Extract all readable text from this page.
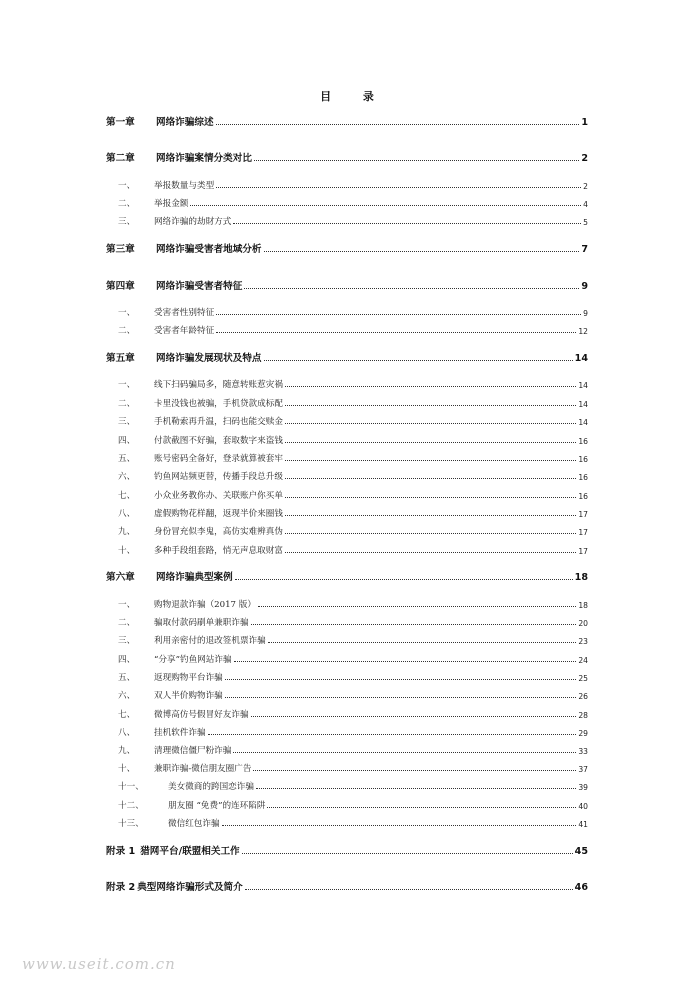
目 录
第一章	网络诈骗综述	1
第二章	网络诈骗案情分类对比	2
一、	举报数量与类型	2
二、	举报金额	4
三、	网络诈骗的劫財方式	5
第三章	网络诈骗受害者地域分析	7
第四章	网络诈骗受害者特征	9
一、	受害者性别特征	9
二、	受害者年龄特征	12
第五章	网络诈骗发展现状及特点	14
一、	线下扫码骗局多，随意转账惹灾祸	14
二、	卡里没钱也被骗，手机贷款成标配	14
三、	手机勒索再升温，扫码也能交赎金	14
四、	付款截图不好骗，套取数字来盗钱	16
五、	账号密码全备好，登录就算被套牢	16
六、	钓鱼网站频更替，传播手段总升级	16
七、	小众业务教你办、关联账户你买单	16
八、	虚假购物花样翻，返现半价来圈钱	17
九、	身份冒充似李鬼，高仿实难辨真伪	17
十、	多种手段组套路，悄无声息取财富	17
第六章	网络诈骗典型案例	18
一、	购物退款诈骗（2017 版）	18
二、	骗取付款码刷单兼职诈骗	20
三、	利用亲密付的退改签机票诈骗	23
四、	“分享”钓鱼网站诈骗	24
五、	返现购物平台诈骗	25
六、	双人半价购物诈骗	26
七、	微博高仿号假冒好友诈骗	28
八、	挂机软件诈骗	29
九、	清理微信僵尸粉诈骗	33
十、	兼职诈骗-微信朋友圈广告	37
十一、	美女微商的跨国恋诈骗	39
十二、	朋友圈 “免费”的连环陷阱	40
十三、	微信红包诈骗	41
附录 1 猎网平台/联盟相关工作	45
附录 2 典型网络诈骗形式及简介	46
www.useit.com.cn
